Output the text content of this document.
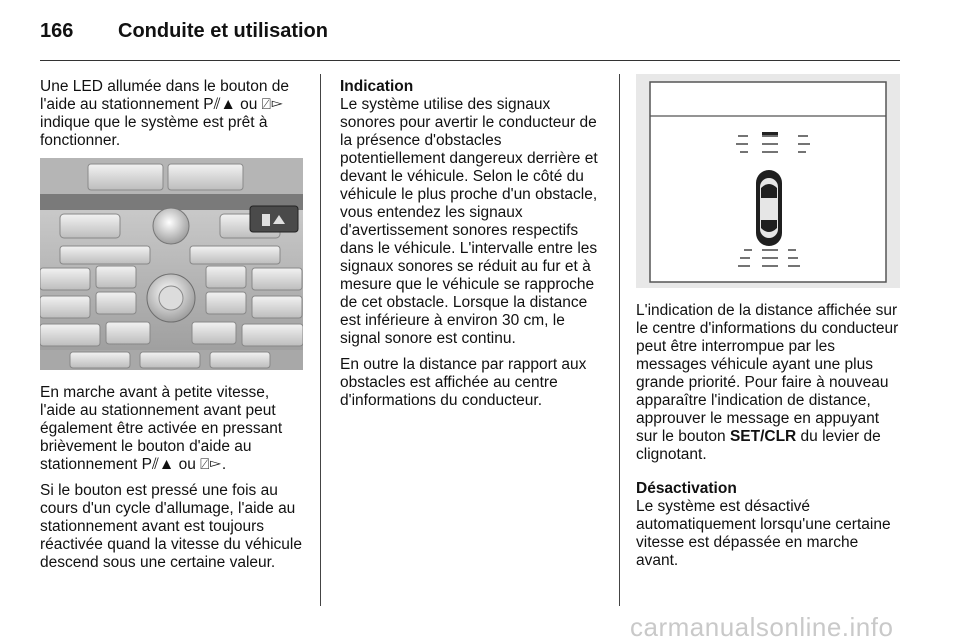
166 Conduite et utilisation

Une LED allumée dans le bouton de l'aide au stationnement P⫽▲ ou ⍁▻ indique que le système est prêt à fonctionner.

En marche avant à petite vitesse, l'aide au stationnement avant peut également être activée en pressant brièvement le bouton d'aide au stationnement P⫽▲ ou ⍁▻.

Si le bouton est pressé une fois au cours d'un cycle d'allumage, l'aide au stationnement avant est toujours réactivée quand la vitesse du véhicule descend sous une certaine valeur.

Indication

Le système utilise des signaux sonores pour avertir le conducteur de la présence d'obstacles potentiellement dangereux derrière et devant le véhicule. Selon le côté du véhicule le plus proche d'un obstacle, vous entendez les signaux d'avertissement sonores respectifs dans le véhicule. L'intervalle entre les signaux sonores se réduit au fur et à mesure que le véhicule se rapproche de cet obstacle. Lorsque la distance est inférieure à environ 30 cm, le signal sonore est continu.

En outre la distance par rapport aux obstacles est affichée au centre d'informations du conducteur.

L'indication de la distance affichée sur le centre d'informations du conducteur peut être interrompue par les messages véhicule ayant une plus grande priorité. Pour faire à nouveau apparaître l'indication de distance, approuver le message en appuyant sur le bouton SET/CLR du levier de clignotant.

Désactivation

Le système est désactivé automatiquement lorsqu'une certaine vitesse est dépassée en marche avant.

carmanualsonline.info
